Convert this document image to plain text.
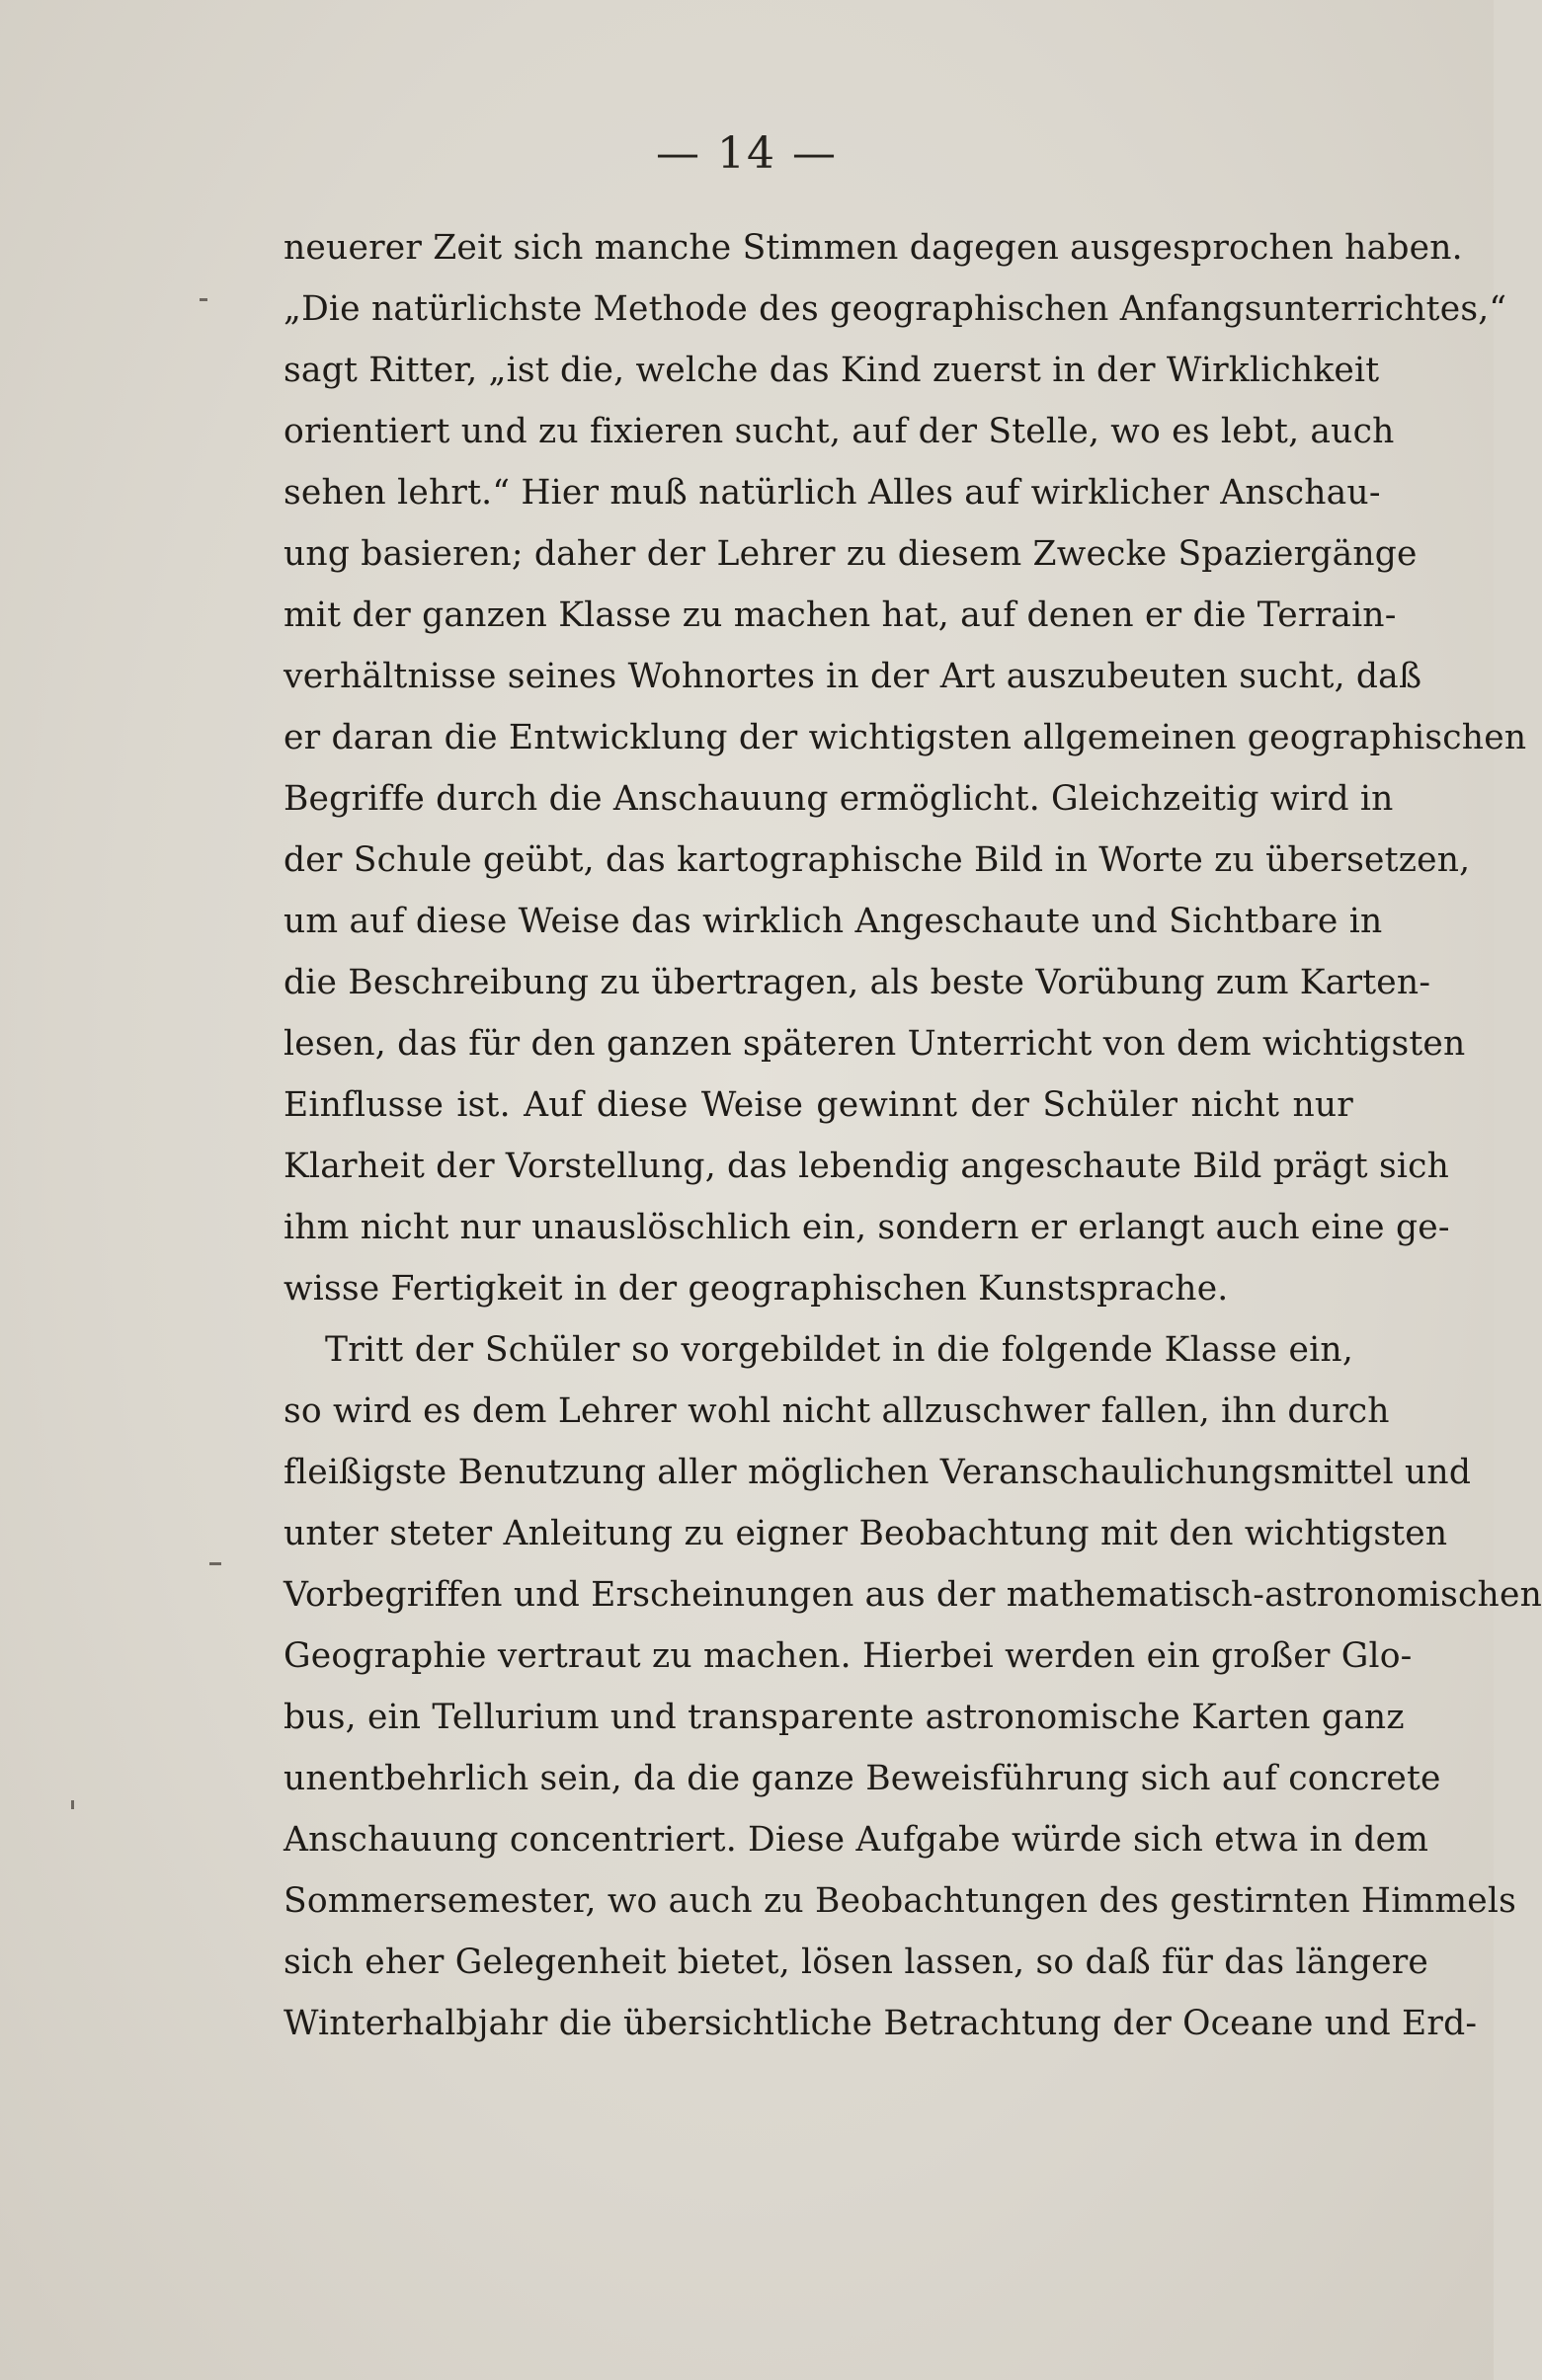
— 14 —
neuerer Zeit sich manche Stimmen dagegen ausgesprochen haben.
„Die natürlichste Methode des geographischen Anfangsunterrichtes,“
sagt Ritter, „ist die, welche das Kind zuerst in der Wirklichkeit
orientiert und zu fixieren sucht, auf der Stelle, wo es lebt, auch
sehen lehrt.“ Hier muß natürlich Alles auf wirklicher Anschau-
ung basieren; daher der Lehrer zu diesem Zwecke Spaziergänge
mit der ganzen Klasse zu machen hat, auf denen er die Terrain-
verhältnisse seines Wohnortes in der Art auszubeuten sucht, daß
er daran die Entwicklung der wichtigsten allgemeinen geographischen
Begriffe durch die Anschauung ermöglicht. Gleichzeitig wird in
der Schule geübt, das kartographische Bild in Worte zu übersetzen,
um auf diese Weise das wirklich Angeschaute und Sichtbare in
die Beschreibung zu übertragen, als beste Vorübung zum Karten-
lesen, das für den ganzen späteren Unterricht von dem wichtigsten
Einflusse ist. Auf diese Weise gewinnt der Schüler nicht nur
Klarheit der Vorstellung, das lebendig angeschaute Bild prägt sich
ihm nicht nur unauslöschlich ein, sondern er erlangt auch eine ge-
wisse Fertigkeit in der geographischen Kunstsprache.
Tritt der Schüler so vorgebildet in die folgende Klasse ein,
so wird es dem Lehrer wohl nicht allzuschwer fallen, ihn durch
fleißigste Benutzung aller möglichen Veranschaulichungsmittel und
unter steter Anleitung zu eigner Beobachtung mit den wichtigsten
Vorbegriffen und Erscheinungen aus der mathematisch-astronomischen
Geographie vertraut zu machen. Hierbei werden ein großer Glo-
bus, ein Tellurium und transparente astronomische Karten ganz
unentbehrlich sein, da die ganze Beweisführung sich auf concrete
Anschauung concentriert. Diese Aufgabe würde sich etwa in dem
Sommersemester, wo auch zu Beobachtungen des gestirnten Himmels
sich eher Gelegenheit bietet, lösen lassen, so daß für das längere
Winterhalbjahr die übersichtliche Betrachtung der Oceane und Erd-
